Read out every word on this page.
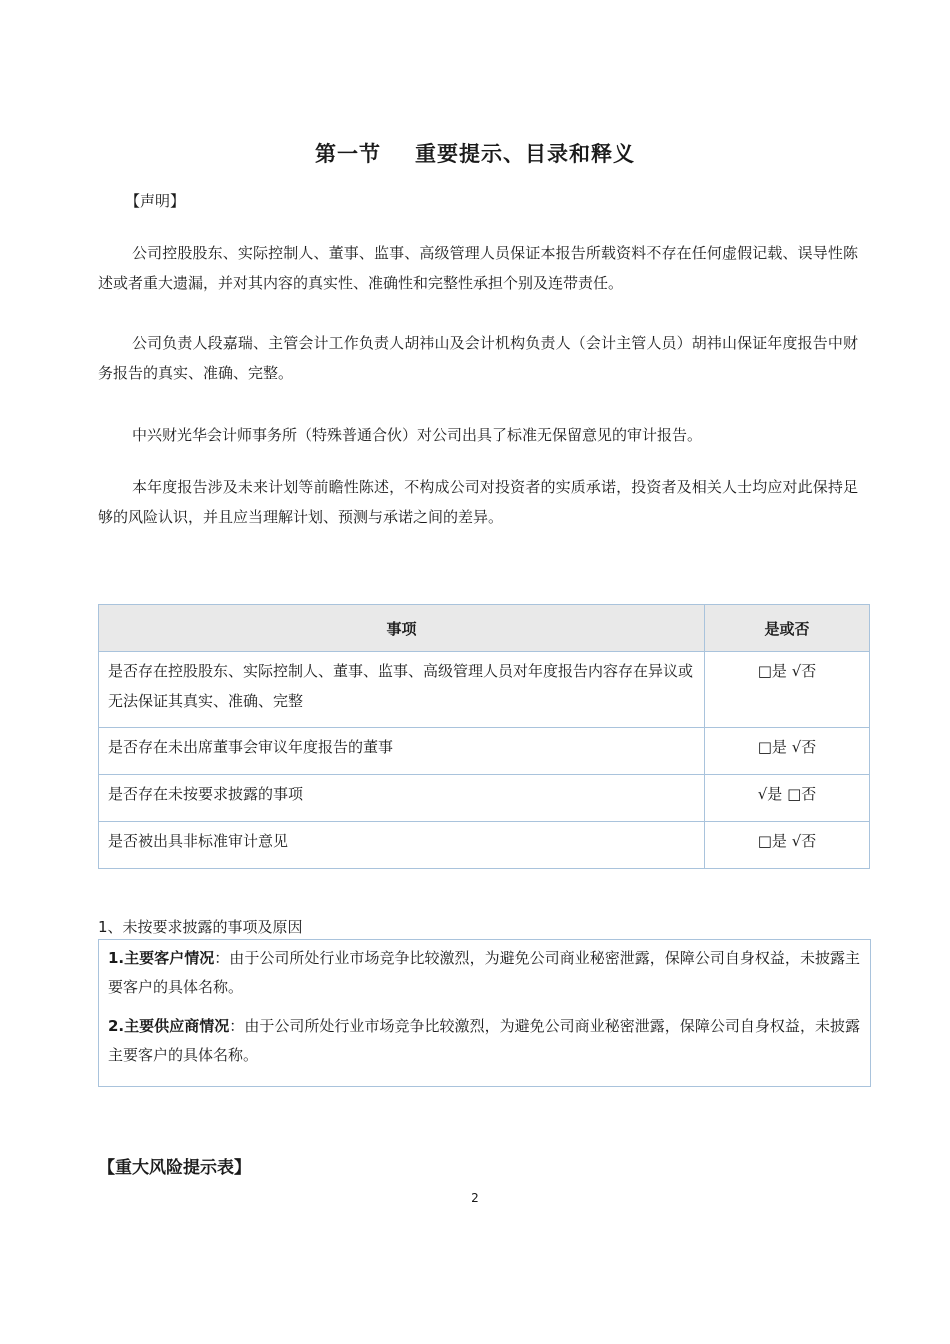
第一节 重要提示、目录和释义
【声明】
公司控股股东、实际控制人、董事、监事、高级管理人员保证本报告所载资料不存在任何虚假记载、误导性陈述或者重大遗漏，并对其内容的真实性、准确性和完整性承担个别及连带责任。
公司负责人段嘉瑞、主管会计工作负责人胡祎山及会计机构负责人（会计主管人员）胡祎山保证年度报告中财务报告的真实、准确、完整。
中兴财光华会计师事务所（特殊普通合伙）对公司出具了标准无保留意见的审计报告。
本年度报告涉及未来计划等前瞻性陈述，不构成公司对投资者的实质承诺，投资者及相关人士均应对此保持足够的风险认识，并且应当理解计划、预测与承诺之间的差异。
事项	是或否
是否存在控股股东、实际控制人、董事、监事、高级管理人员对年度报告内容存在异议或无法保证其真实、准确、完整	□是 √否
是否存在未出席董事会审议年度报告的董事	□是 √否
是否存在未按要求披露的事项	√是 □否
是否被出具非标准审计意见	□是 √否
1、未按要求披露的事项及原因

1.主要客户情况：由于公司所处行业市场竞争比较激烈，为避免公司商业秘密泄露，保障公司自身权益，未披露主要客户的具体名称。

2.主要供应商情况：由于公司所处行业市场竞争比较激烈，为避免公司商业秘密泄露，保障公司自身权益，未披露主要客户的具体名称。

【重大风险提示表】
2
